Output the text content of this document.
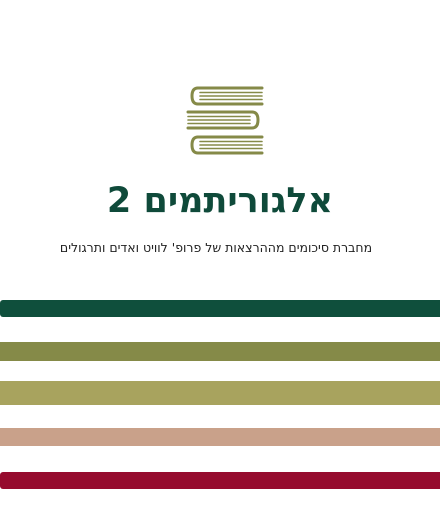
אלגוריתמים 2
מחברת סיכומים מההרצאות של פרופ' לוויט ואדים ותרגולים
